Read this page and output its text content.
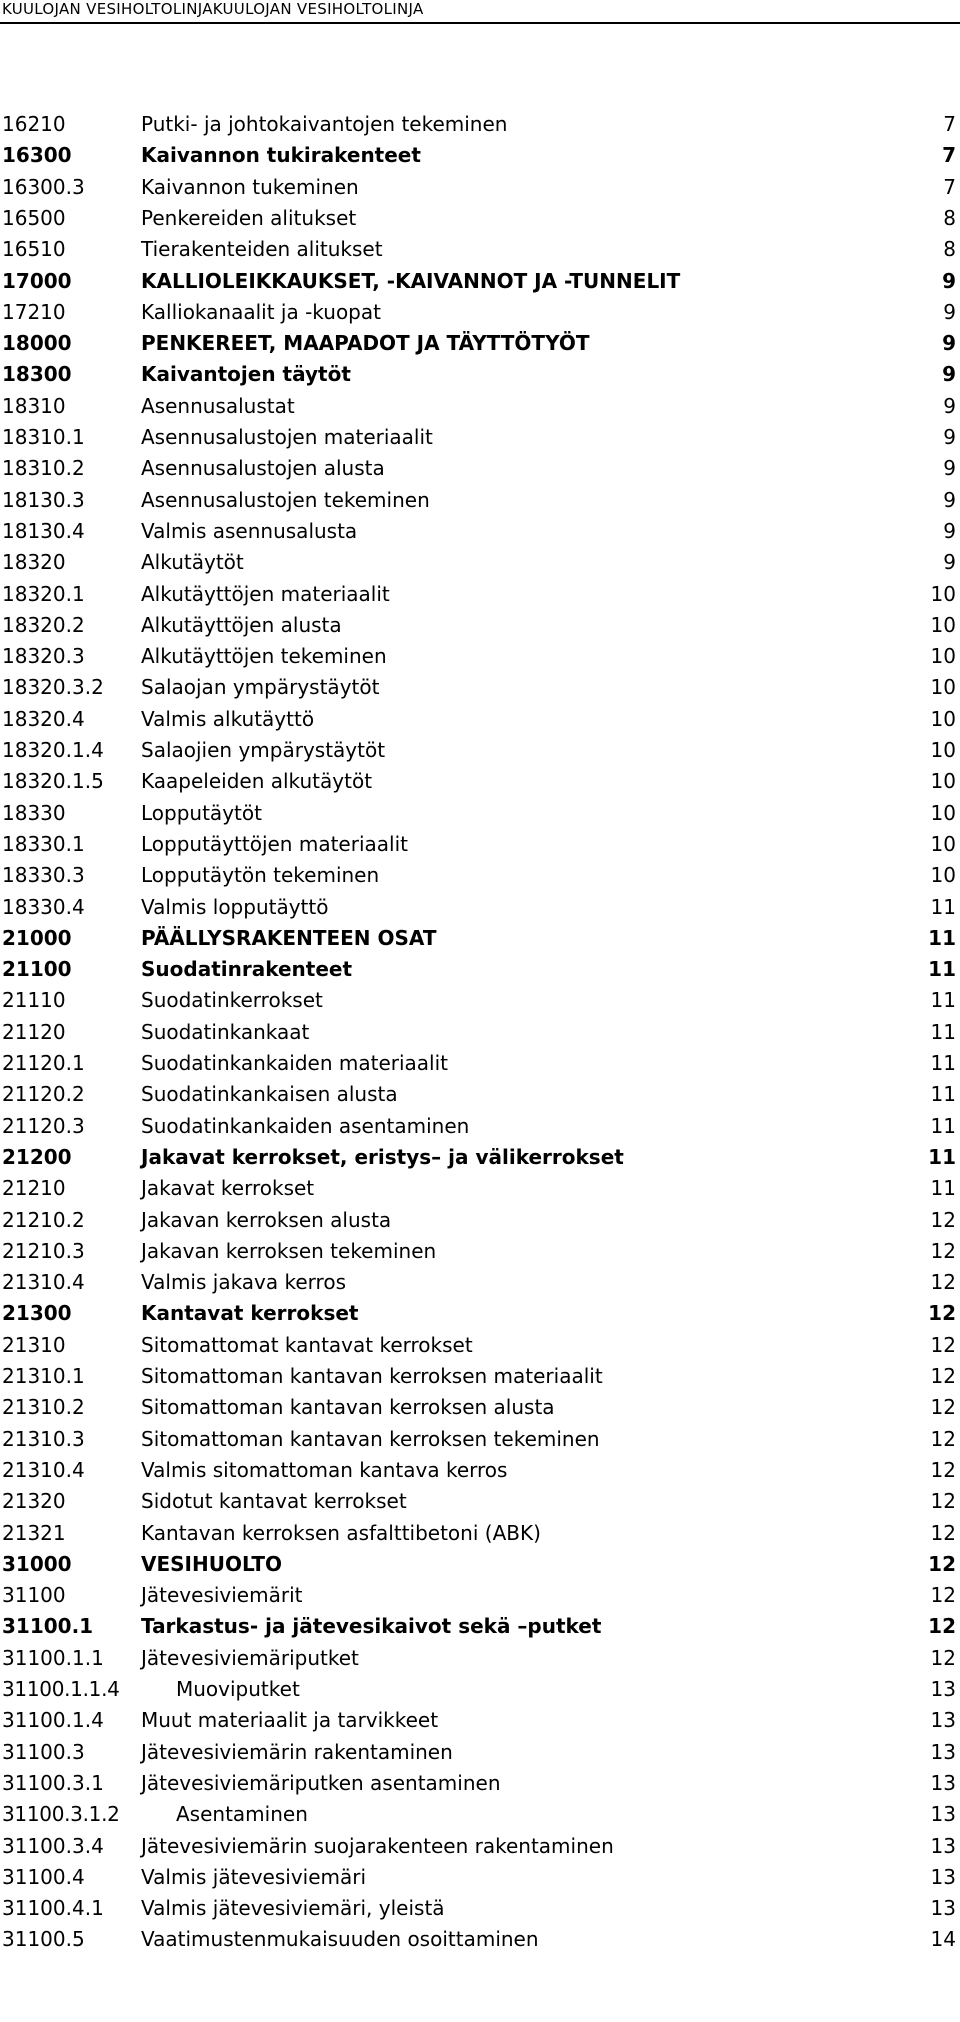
KUULOJAN VESIHOLTOLINJAKUULOJAN VESIHOLTOLINJA
16210	Putki- ja johtokaivantojen tekeminen	7
16300	Kaivannon tukirakenteet	7
16300.3	Kaivannon tukeminen	7
16500	Penkereiden alitukset	8
16510	Tierakenteiden alitukset	8
17000	KALLIOLEIKKAUKSET, -KAIVANNOT JA -TUNNELIT	9
17210	Kalliokanaalit ja -kuopat	9
18000	PENKEREET, MAAPADOT JA TÄYTTÖTYÖT	9
18300	Kaivantojen täytöt	9
18310	Asennusalustat	9
18310.1	Asennusalustojen materiaalit	9
18310.2	Asennusalustojen alusta	9
18130.3	Asennusalustojen tekeminen	9
18130.4	Valmis asennusalusta	9
18320	Alkutäytöt	9
18320.1	Alkutäyttöjen materiaalit	10
18320.2	Alkutäyttöjen alusta	10
18320.3	Alkutäyttöjen tekeminen	10
18320.3.2 Salaojan ympärystäytöt	10
18320.4	Valmis alkutäyttö	10
18320.1.4 Salaojien ympärystäytöt	10
18320.1.5 Kaapeleiden alkutäytöt	10
18330	Lopputäytöt	10
18330.1	Lopputäyttöjen materiaalit	10
18330.3	Lopputäytön tekeminen	10
18330.4	Valmis lopputäyttö	11
21000	PÄÄLLYSRAKENTEEN OSAT	11
21100	Suodatinrakenteet	11
21110	Suodatinkerrokset	11
21120	Suodatinkankaat	11
21120.1	Suodatinkankaiden materiaalit	11
21120.2	Suodatinkankaisen alusta	11
21120.3	Suodatinkankaiden asentaminen	11
21200	Jakavat kerrokset, eristys– ja välikerrokset	11
21210	Jakavat kerrokset	11
21210.2	Jakavan kerroksen alusta	12
21210.3	Jakavan kerroksen tekeminen	12
21310.4	Valmis jakava kerros	12
21300	Kantavat kerrokset	12
21310	Sitomattomat kantavat kerrokset	12
21310.1	Sitomattoman kantavan kerroksen materiaalit	12
21310.2	Sitomattoman kantavan kerroksen alusta	12
21310.3	Sitomattoman kantavan kerroksen tekeminen	12
21310.4	Valmis sitomattoman kantava kerros	12
21320	Sidotut kantavat kerrokset	12
21321	Kantavan kerroksen asfalttibetoni (ABK)	12
31000	VESIHUOLTO	12
31100	Jätevesiviemärit	12
31100.1 Tarkastus- ja jätevesikaivot sekä –putket	12
31100.1.1 Jätevesiviemäriputket	12
31100.1.1.4	Muoviputket	13
31100.1.4 Muut materiaalit ja tarvikkeet	13
31100.3	Jätevesiviemärin rakentaminen	13
31100.3.1 Jätevesiviemäriputken asentaminen	13
31100.3.1.2	Asentaminen	13
31100.3.4 Jätevesiviemärin suojarakenteen rakentaminen	13
31100.4	Valmis jätevesiviemäri	13
31100.4.1 Valmis jätevesiviemäri, yleistä	13
31100.5	Vaatimustenmukaisuuden osoittaminen	14
